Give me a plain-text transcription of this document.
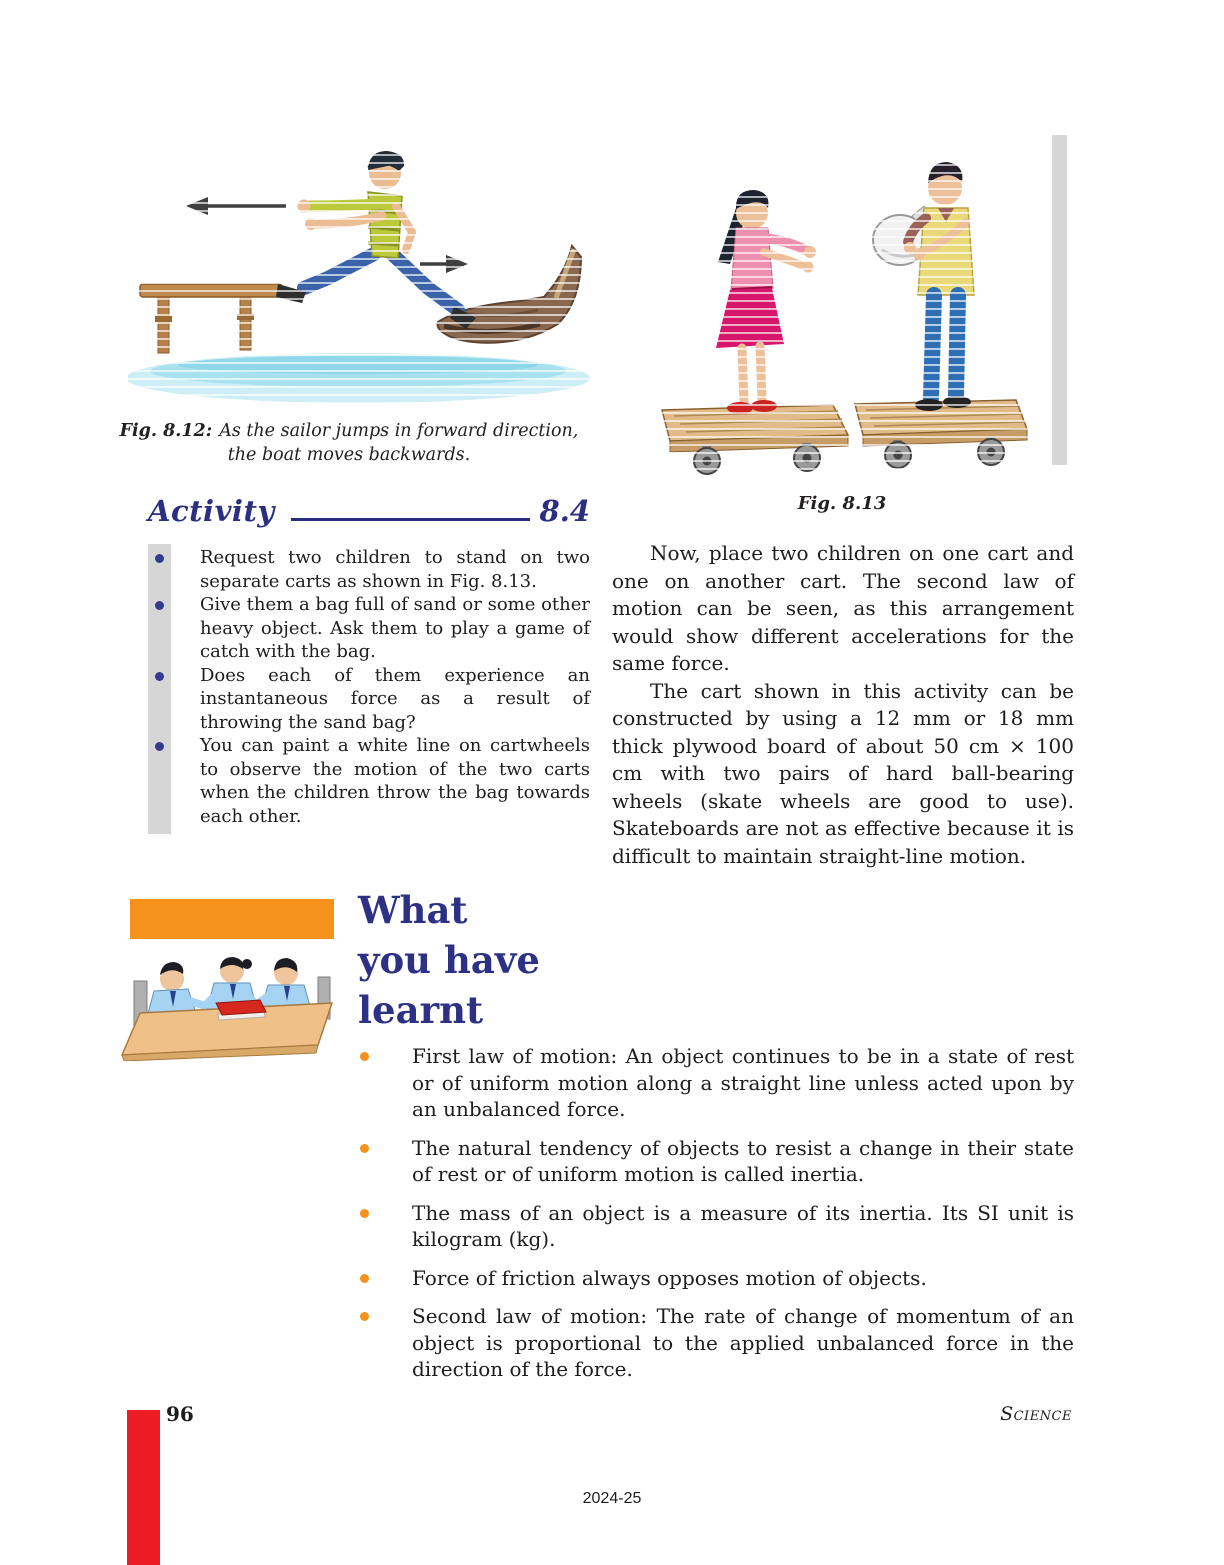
Fig. 8.12: As the sailor jumps in forward direction,
the boat moves backwards.
Fig. 8.13
Activity	8.4
Request two children to stand on two separate carts as shown in Fig. 8.13.
Give them a bag full of sand or some other heavy object. Ask them to play a game of catch with the bag.
Does each of them experience an instantaneous force as a result of throwing the sand bag?
You can paint a white line on cartwheels to observe the motion of the two carts when the children throw the bag towards each other.

Now, place two children on one cart and one on another cart. The second law of motion can be seen, as this arrangement would show different accelerations for the same force.

The cart shown in this activity can be constructed by using a 12 mm or 18 mm thick plywood board of about 50 cm × 100 cm with two pairs of hard ball-bearing wheels (skate wheels are good to use). Skateboards are not as effective because it is difficult to maintain straight-line motion.

What
you have
learnt
First law of motion: An object continues to be in a state of rest or of uniform motion along a straight line unless acted upon by an unbalanced force.
The natural tendency of objects to resist a change in their state of rest or of uniform motion is called inertia.
The mass of an object is a measure of its inertia. Its SI unit is kilogram (kg).
Force of friction always opposes motion of objects.
Second law of motion: The rate of change of momentum of an object is proportional to the applied unbalanced force in the direction of the force.
96	Science
2024-25
